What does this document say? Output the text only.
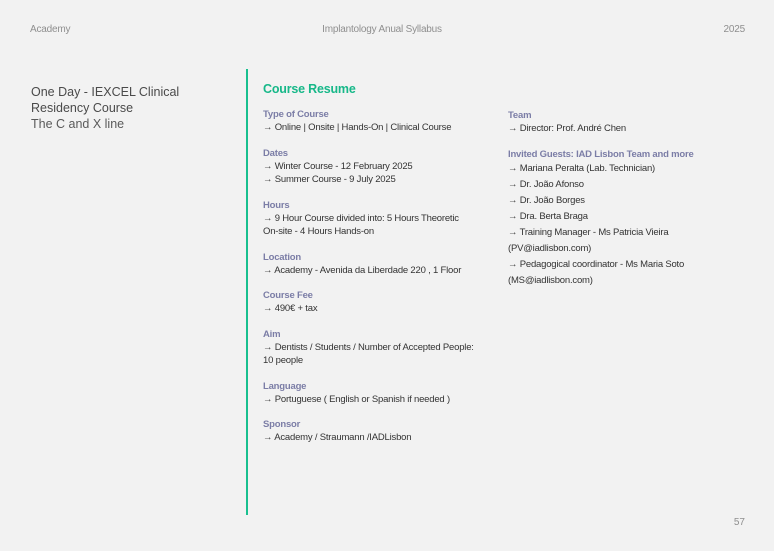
Academy	Implantology Anual Syllabus	2025
One Day - IEXCEL Clinical
Residency Course
The C and X line
Course Resume
Type of Course
→ Online | Onsite | Hands-On | Clinical Course
Dates
→ Winter Course - 12 February 2025
→ Summer Course - 9 July 2025
Hours
→ 9 Hour Course divided into: 5 Hours Theoretic
On-site - 4 Hours Hands-on
Location
→ Academy - Avenida da Liberdade 220 , 1 Floor
Course Fee
→ 490€ + tax
Aim
→ Dentists / Students / Number of Accepted People:
10 people
Language
→ Portuguese ( English or Spanish if needed )
Sponsor
→ Academy / Straumann /IADLisbon
Team
→ Director: Prof. André Chen
Invited Guests: IAD Lisbon Team and more
→ Mariana Peralta (Lab. Technician)
→ Dr. João Afonso
→ Dr. João Borges
→ Dra. Berta Braga
→ Training Manager - Ms Patricia Vieira
(PV@iadlisbon.com)
→ Pedagogical coordinator - Ms Maria Soto
(MS@iadlisbon.com)
57
